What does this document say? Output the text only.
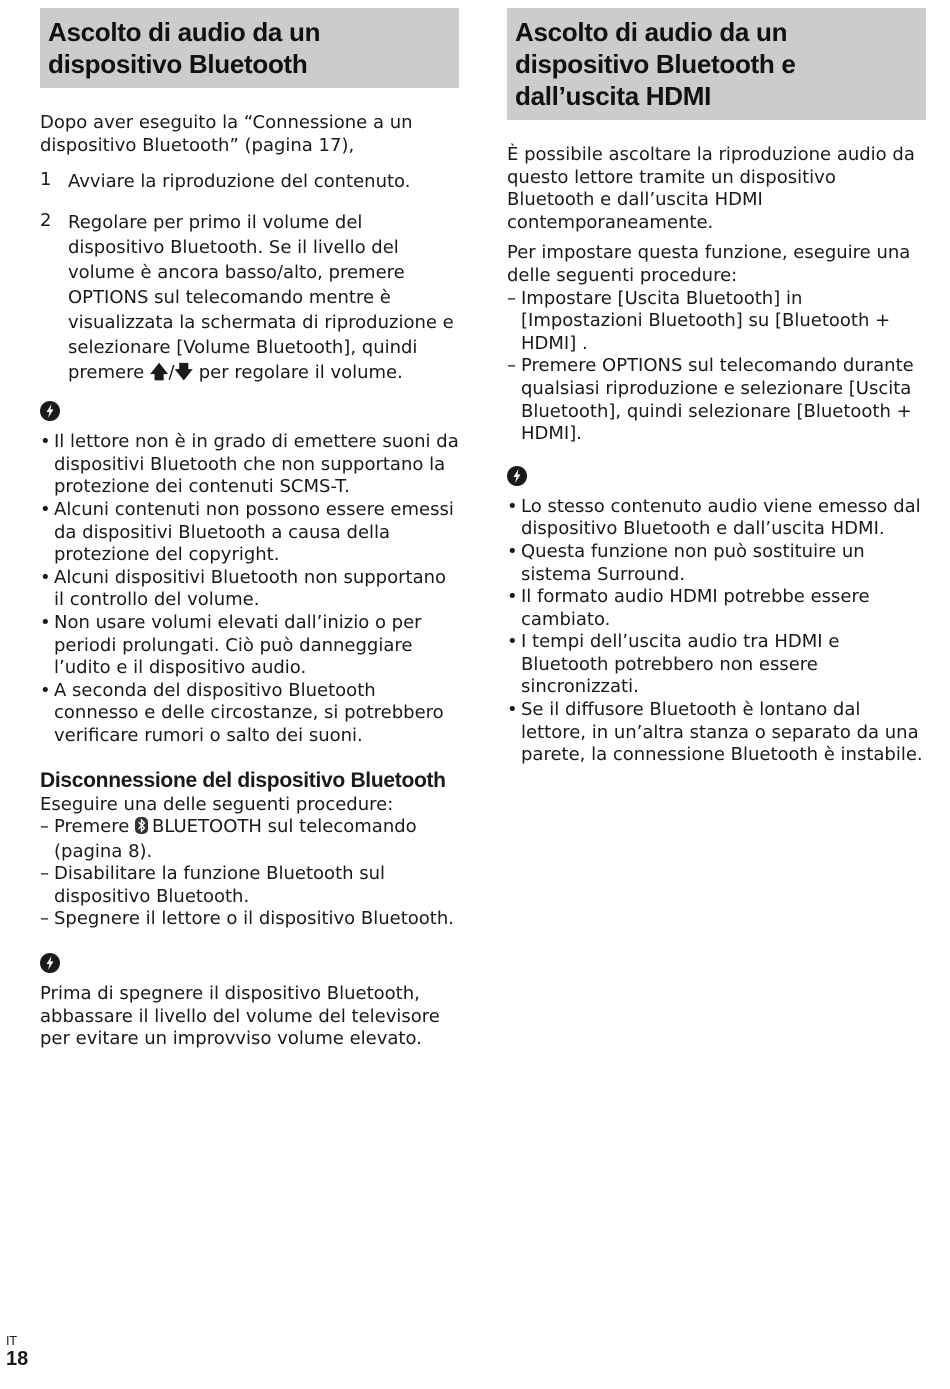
Ascolto di audio da un dispositivo Bluetooth

Dopo aver eseguito la “Connessione a un dispositivo Bluetooth” (pagina 17),

1 Avviare la riproduzione del contenuto.
2 Regolare per primo il volume del dispositivo Bluetooth. Se il livello del volume è ancora basso/alto, premere OPTIONS sul telecomando mentre è visualizzata la schermata di riproduzione e selezionare [Volume Bluetooth], quindi premere 🡅/🡇 per regolare il volume.
• Il lettore non è in grado di emettere suoni da dispositivi Bluetooth che non supportano la protezione dei contenuti SCMS-T.
• Alcuni contenuti non possono essere emessi da dispositivi Bluetooth a causa della protezione del copyright.
• Alcuni dispositivi Bluetooth non supportano il controllo del volume.
• Non usare volumi elevati dall’inizio o per periodi prolungati. Ciò può danneggiare l’udito e il dispositivo audio.
• A seconda del dispositivo Bluetooth connesso e delle circostanze, si potrebbero verificare rumori o salto dei suoni.
Disconnessione del dispositivo Bluetooth

Eseguire una delle seguenti procedure:

– Premere BLUETOOTH sul telecomando (pagina 8).
– Disabilitare la funzione Bluetooth sul dispositivo Bluetooth.
– Spegnere il lettore o il dispositivo Bluetooth.

Prima di spegnere il dispositivo Bluetooth, abbassare il livello del volume del televisore per evitare un improvviso volume elevato.

Ascolto di audio da un dispositivo Bluetooth e dall’uscita HDMI

È possibile ascoltare la riproduzione audio da questo lettore tramite un dispositivo Bluetooth e dall’uscita HDMI contemporaneamente.

Per impostare questa funzione, eseguire una delle seguenti procedure:

– Impostare [Uscita Bluetooth] in [Impostazioni Bluetooth] su [Bluetooth + HDMI] .
– Premere OPTIONS sul telecomando durante qualsiasi riproduzione e selezionare [Uscita Bluetooth], quindi selezionare [Bluetooth + HDMI].
• Lo stesso contenuto audio viene emesso dal dispositivo Bluetooth e dall’uscita HDMI.
• Questa funzione non può sostituire un sistema Surround.
• Il formato audio HDMI potrebbe essere cambiato.
• I tempi dell’uscita audio tra HDMI e Bluetooth potrebbero non essere sincronizzati.
• Se il diffusore Bluetooth è lontano dal lettore, in un’altra stanza o separato da una parete, la connessione Bluetooth è instabile.
IT
18
